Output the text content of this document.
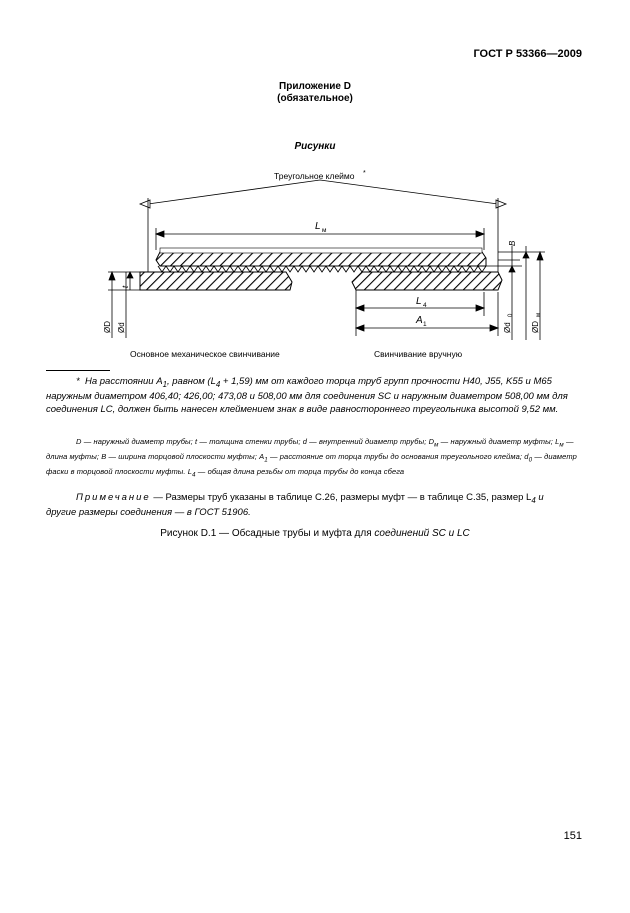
ГОСТ Р 53366—2009
Приложение D
(обязательное)
Рисунки
Треугольное клеймо *
L м
ØD Ød
t
B
Ød
0
ØD
м
L 4
A 1
Основное механическое свинчивание	Свинчивание вручную
* На расстоянии $A_1$, равном $(L_4 + 1,59)$ мм от каждого торца труб групп прочности H40, J55, K55 и M65 наружным диаметром 406,40; 426,00; 473,08 и 508,00 мм для соединения SC и наружным диаметром 508,00 мм для соединения LC, должен быть нанесен клеймением знак в виде равностороннего треугольника высотой 9,52 мм.
D — наружный диаметр трубы; t — толщина стенки трубы; d — внутренний диаметр трубы; $D_м$ — наружный диаметр муфты; $L_м$ — длина муфты; B — ширина торцовой плоскости муфты; $A_1$ — расстояние от торца трубы до основания треугольного клейма; $d_0$ — диаметр фаски в торцовой плоскости муфты. $L_4$ — общая длина резьбы от торца трубы до конца сбега
Примечание — Размеры труб указаны в таблице C.26, размеры муфт — в таблице C.35, размер $L_4$ и
другие размеры соединения — в ГОСТ 51906.
Рисунок D.1 — Обсадные трубы и муфта для соединений SC и LC
151
